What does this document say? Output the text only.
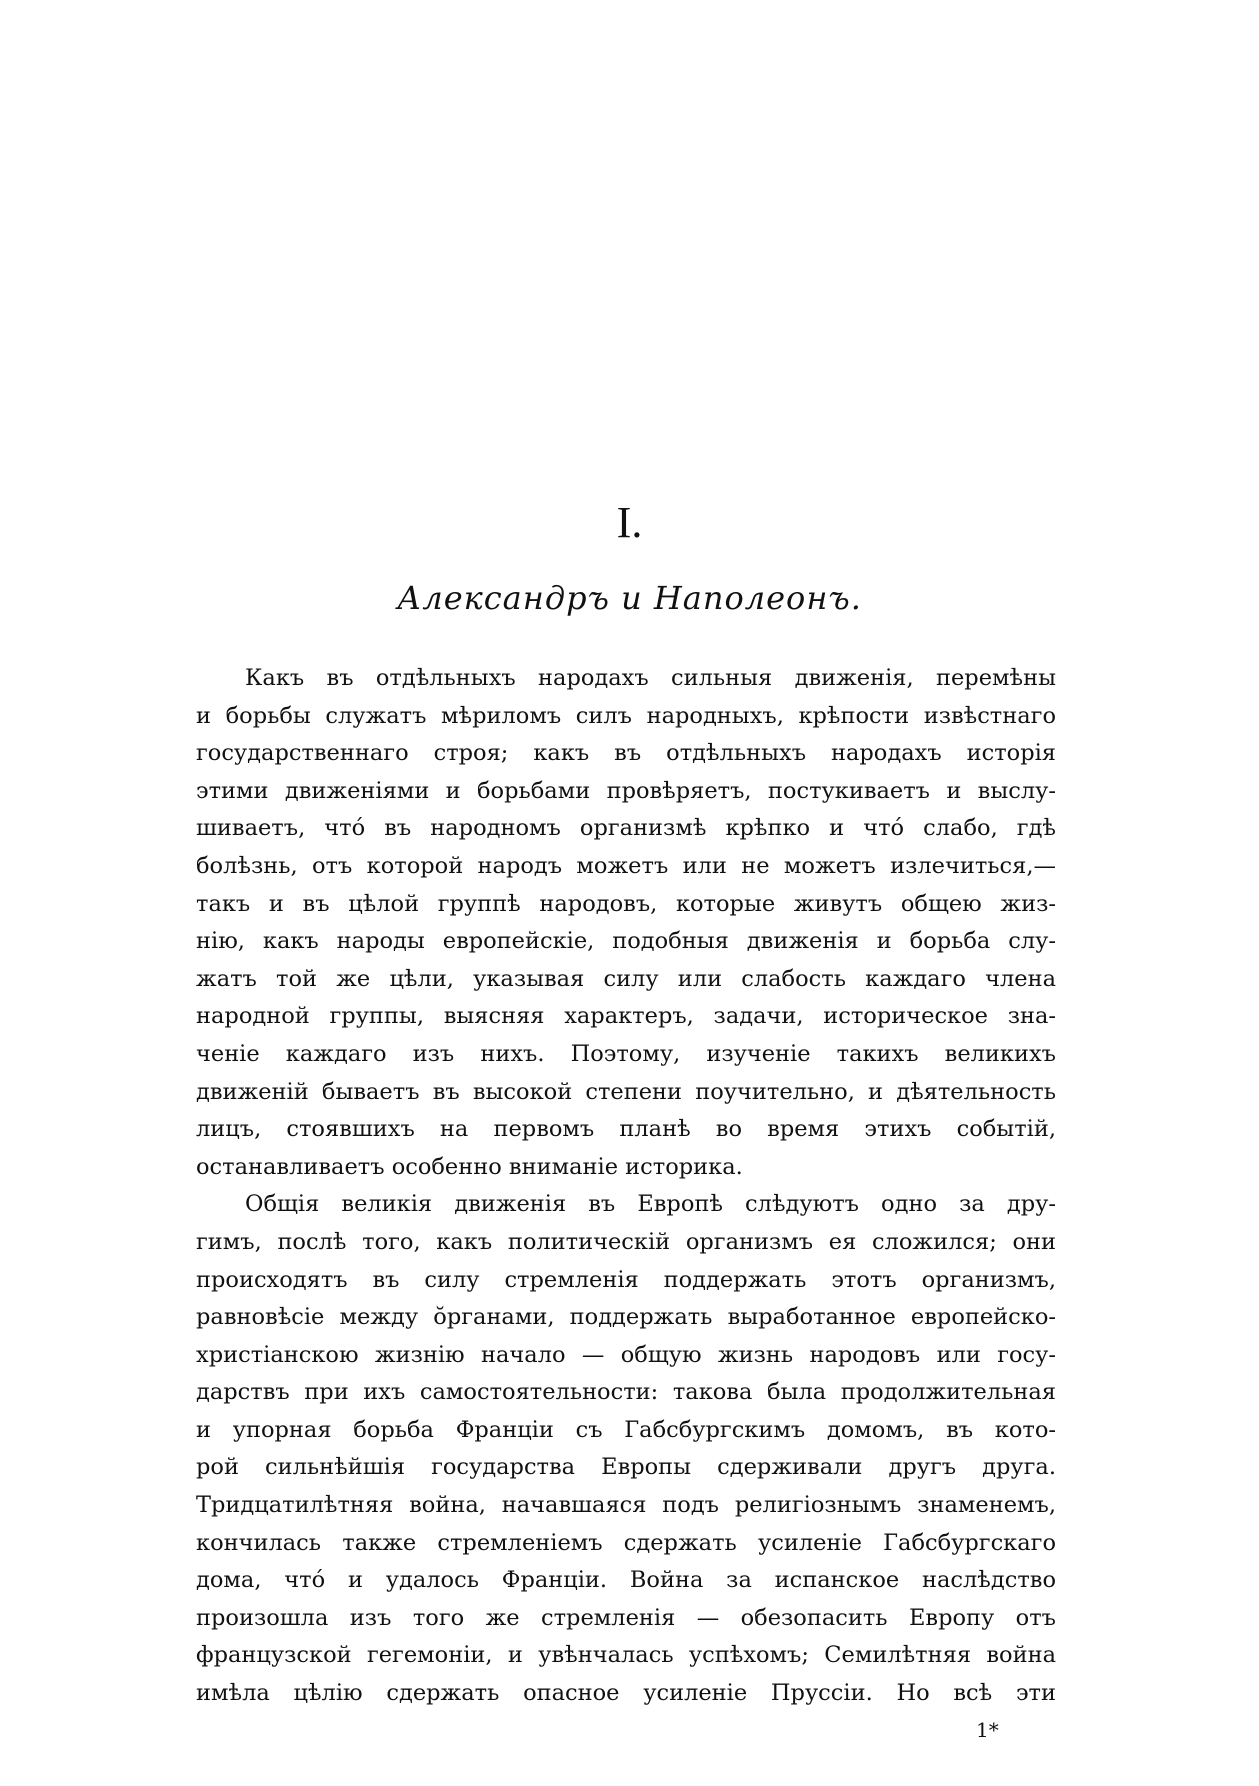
I.
Александръ и Наполеонъ.
Какъ въ отдѣльныхъ народахъ сильныя движенія, перемѣны
и борьбы служатъ мѣриломъ силъ народныхъ, крѣпости извѣстнаго
государственнаго строя; какъ въ отдѣльныхъ народахъ исторія
этими движеніями и борьбами провѣряетъ, постукиваетъ и выслу-
шиваетъ, чтó въ народномъ организмѣ крѣпко и чтó слабо, гдѣ
болѣзнь, отъ которой народъ можетъ или не можетъ излечиться,—
такъ и въ цѣлой группѣ народовъ, которые живутъ общею жиз-
нію, какъ народы европейскіе, подобныя движенія и борьба слу-
жатъ той же цѣли, указывая силу или слабость каждаго члена
народной группы, выясняя характеръ, задачи, историческое зна-
ченіе каждаго изъ нихъ. Поэтому, изученіе такихъ великихъ
движеній бываетъ въ высокой степени поучительно, и дѣятельность
лицъ, стоявшихъ на первомъ планѣ во время этихъ событій,
останавливаетъ особенно вниманіе историка.
Общія великія движенія въ Европѣ слѣдуютъ одно за дру-
гимъ, послѣ того, какъ политическій организмъ ея сложился; они
происходятъ въ силу стремленія поддержать этотъ организмъ,
равновѣсіе между ŏрганами, поддержать выработанное европейско-
христіанскою жизнію начало — общую жизнь народовъ или госу-
дарствъ при ихъ самостоятельности: такова была продолжительная
и упорная борьба Франціи съ Габсбургскимъ домомъ, въ кото-
рой сильнѣйшія государства Европы сдерживали другъ друга.
Тридцатилѣтняя война, начавшаяся подъ религіознымъ знаменемъ,
кончилась также стремленіемъ сдержать усиленіе Габсбургскаго
дома, чтó и удалось Франціи. Война за испанское наслѣдство
произошла изъ того же стремленія — обезопасить Европу отъ
французской гегемоніи, и увѣнчалась успѣхомъ; Семилѣтняя война
имѣла цѣлію сдержать опасное усиленіе Пруссіи. Но всѣ эти
1*
